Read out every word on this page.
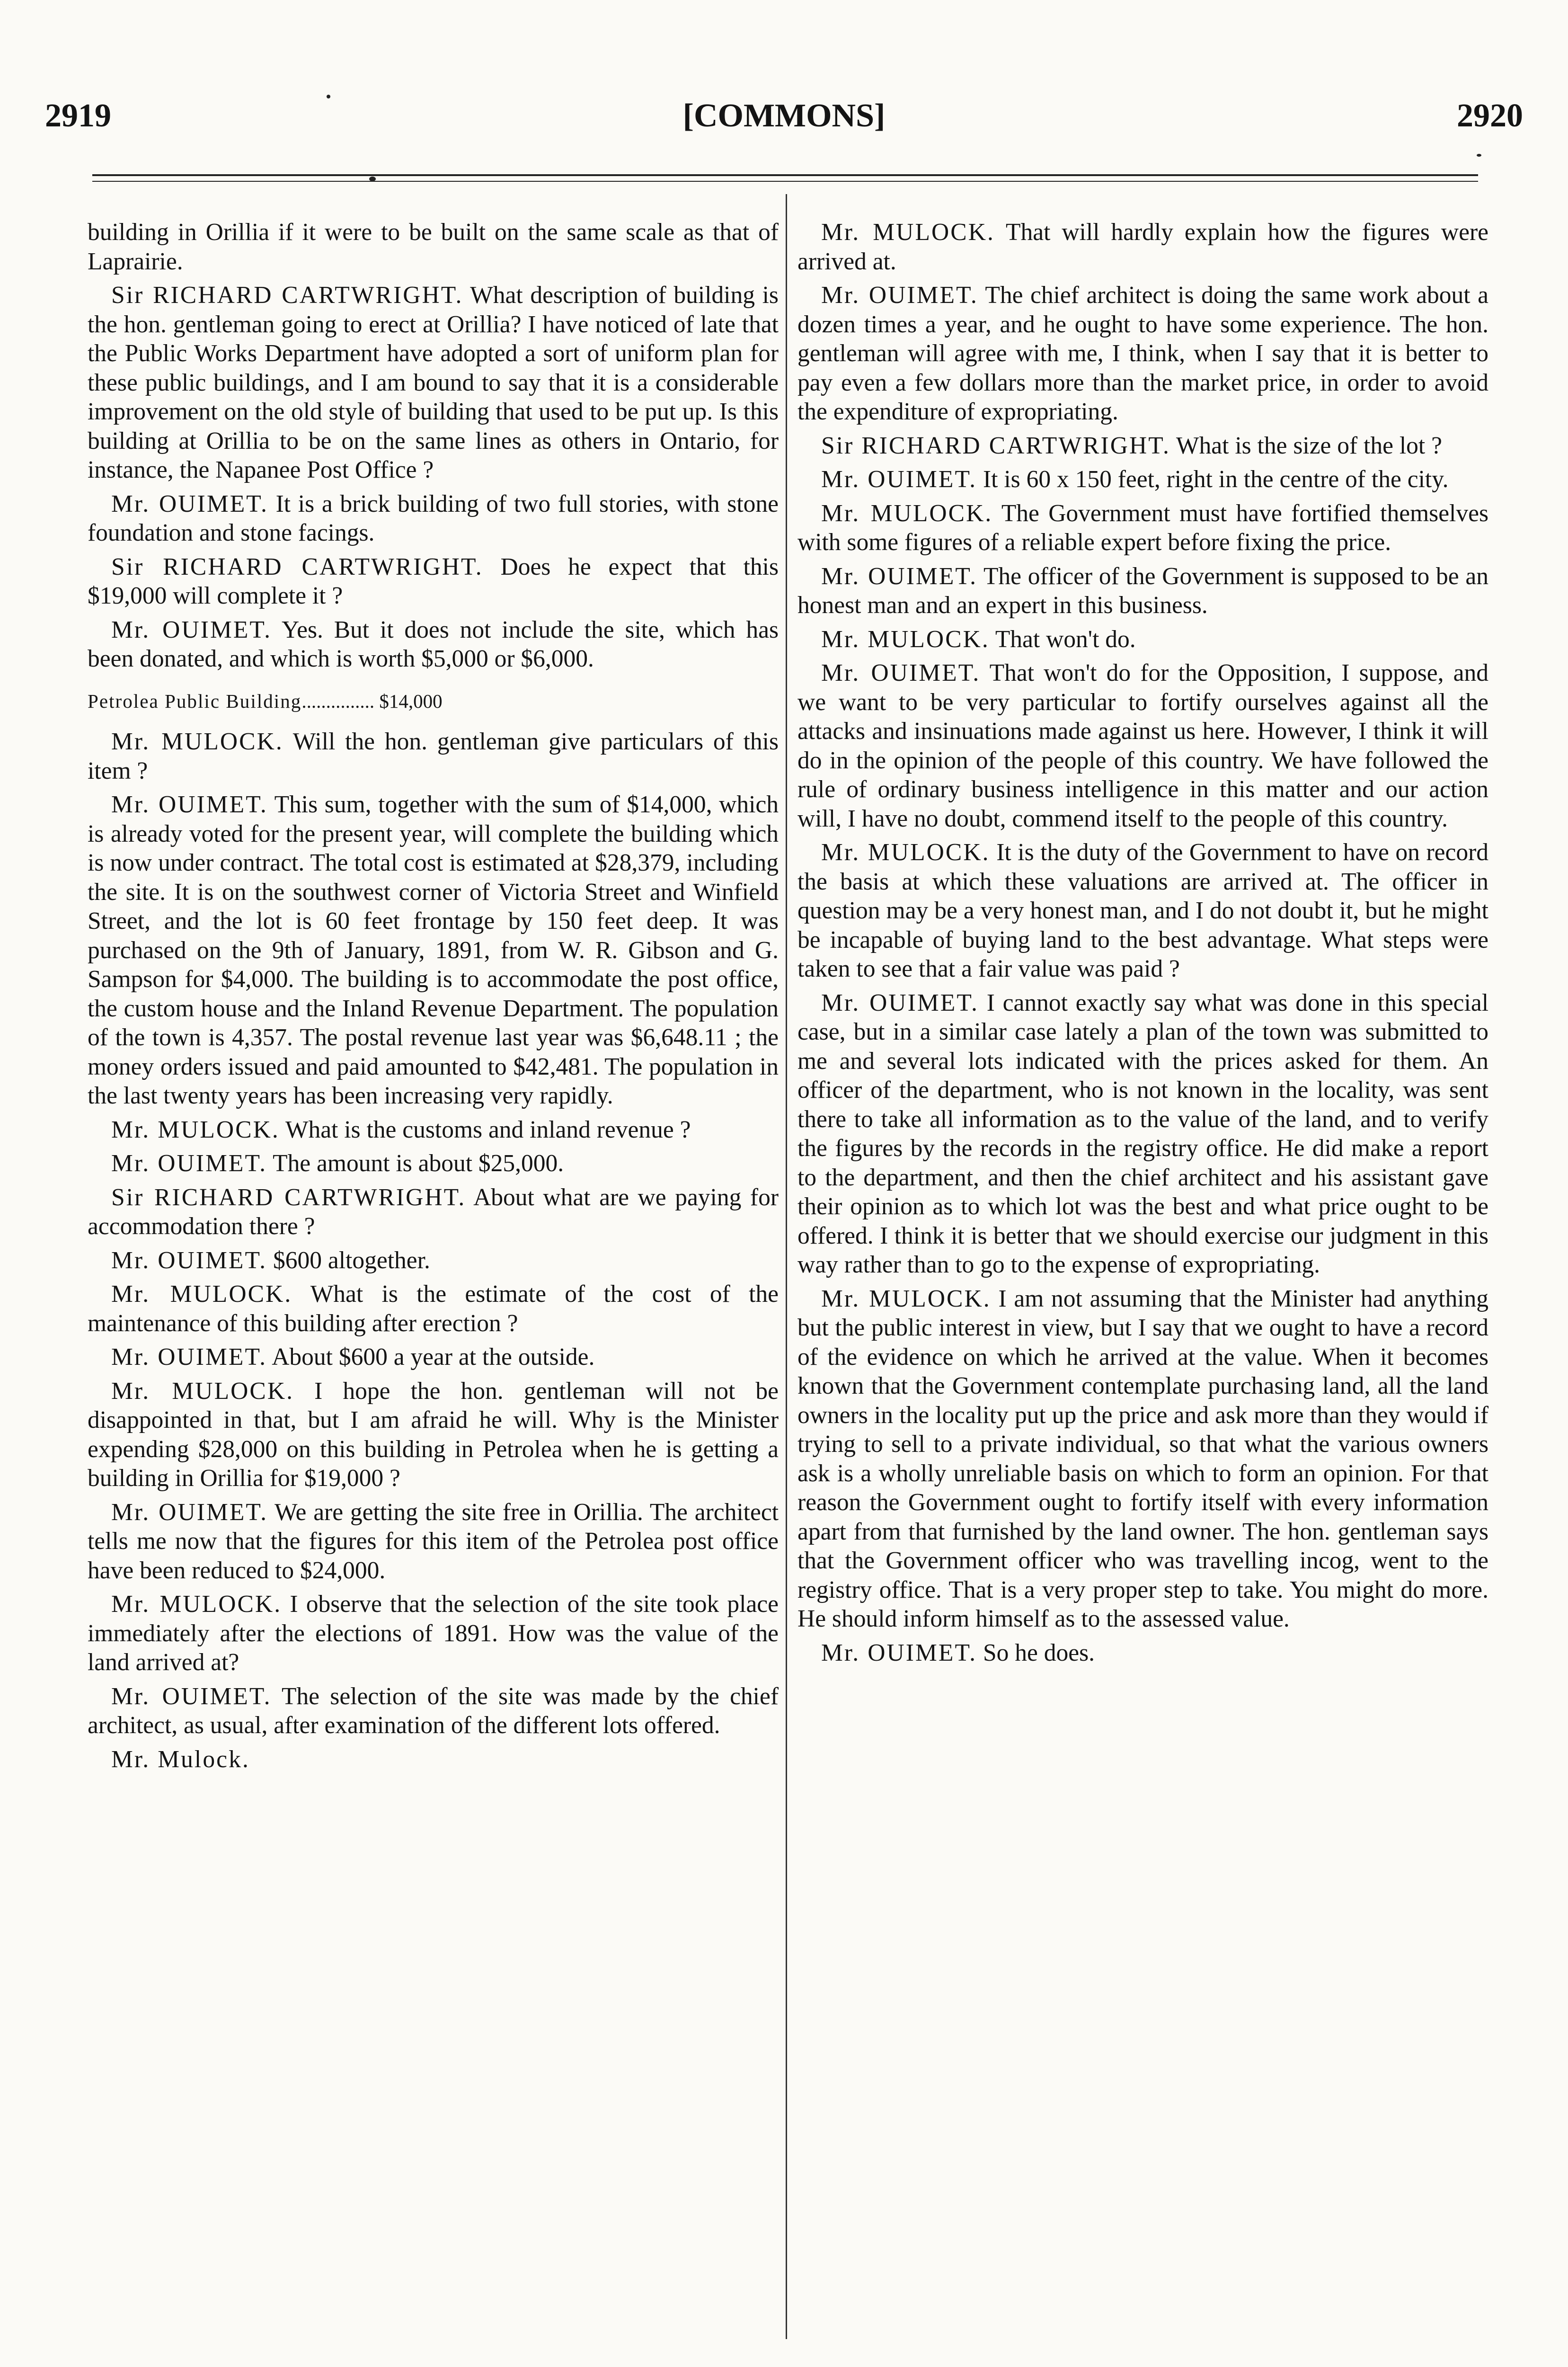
2919	[COMMONS]	2920

building in Orillia if it were to be built on the same scale as that of Laprairie.

Sir RICHARD CARTWRIGHT. What description of building is the hon. gentleman going to erect at Orillia? I have noticed of late that the Public Works Department have adopted a sort of uniform plan for these public buildings, and I am bound to say that it is a considerable improvement on the old style of building that used to be put up. Is this building at Orillia to be on the same lines as others in Ontario, for instance, the Napanee Post Office ?

Mr. OUIMET. It is a brick building of two full stories, with stone foundation and stone facings.

Sir RICHARD CARTWRIGHT. Does he expect that this $19,000 will complete it ?

Mr. OUIMET. Yes. But it does not include the site, which has been donated, and which is worth $5,000 or $6,000.

Petrolea Public Building............... $14,000

Mr. MULOCK. Will the hon. gentleman give particulars of this item ?

Mr. OUIMET. This sum, together with the sum of $14,000, which is already voted for the present year, will complete the building which is now under contract. The total cost is estimated at $28,379, including the site. It is on the southwest corner of Victoria Street and Winfield Street, and the lot is 60 feet frontage by 150 feet deep. It was purchased on the 9th of January, 1891, from W. R. Gibson and G. Sampson for $4,000. The building is to accommodate the post office, the custom house and the Inland Revenue Department. The population of the town is 4,357. The postal revenue last year was $6,648.11 ; the money orders issued and paid amounted to $42,481. The population in the last twenty years has been increasing very rapidly.

Mr. MULOCK. What is the customs and inland revenue ?

Mr. OUIMET. The amount is about $25,000.

Sir RICHARD CARTWRIGHT. About what are we paying for accommodation there ?

Mr. OUIMET. $600 altogether.

Mr. MULOCK. What is the estimate of the cost of the maintenance of this building after erection ?

Mr. OUIMET. About $600 a year at the outside.

Mr. MULOCK. I hope the hon. gentleman will not be disappointed in that, but I am afraid he will. Why is the Minister expending $28,000 on this building in Petrolea when he is getting a building in Orillia for $19,000 ?

Mr. OUIMET. We are getting the site free in Orillia. The architect tells me now that the figures for this item of the Petrolea post office have been reduced to $24,000.

Mr. MULOCK. I observe that the selection of the site took place immediately after the elections of 1891. How was the value of the land arrived at?

Mr. OUIMET. The selection of the site was made by the chief architect, as usual, after examination of the different lots offered.

Mr. Mulock.

Mr. MULOCK. That will hardly explain how the figures were arrived at.

Mr. OUIMET. The chief architect is doing the same work about a dozen times a year, and he ought to have some experience. The hon. gentleman will agree with me, I think, when I say that it is better to pay even a few dollars more than the market price, in order to avoid the expenditure of expropriating.

Sir RICHARD CARTWRIGHT. What is the size of the lot ?

Mr. OUIMET. It is 60 x 150 feet, right in the centre of the city.

Mr. MULOCK. The Government must have fortified themselves with some figures of a reliable expert before fixing the price.

Mr. OUIMET. The officer of the Government is supposed to be an honest man and an expert in this business.

Mr. MULOCK. That won't do.

Mr. OUIMET. That won't do for the Opposition, I suppose, and we want to be very particular to fortify ourselves against all the attacks and insinuations made against us here. However, I think it will do in the opinion of the people of this country. We have followed the rule of ordinary business intelligence in this matter and our action will, I have no doubt, commend itself to the people of this country.

Mr. MULOCK. It is the duty of the Government to have on record the basis at which these valuations are arrived at. The officer in question may be a very honest man, and I do not doubt it, but he might be incapable of buying land to the best advantage. What steps were taken to see that a fair value was paid ?

Mr. OUIMET. I cannot exactly say what was done in this special case, but in a similar case lately a plan of the town was submitted to me and several lots indicated with the prices asked for them. An officer of the department, who is not known in the locality, was sent there to take all information as to the value of the land, and to verify the figures by the records in the registry office. He did make a report to the department, and then the chief architect and his assistant gave their opinion as to which lot was the best and what price ought to be offered. I think it is better that we should exercise our judgment in this way rather than to go to the expense of expropriating.

Mr. MULOCK. I am not assuming that the Minister had anything but the public interest in view, but I say that we ought to have a record of the evidence on which he arrived at the value. When it becomes known that the Government contemplate purchasing land, all the land owners in the locality put up the price and ask more than they would if trying to sell to a private individual, so that what the various owners ask is a wholly unreliable basis on which to form an opinion. For that reason the Government ought to fortify itself with every information apart from that furnished by the land owner. The hon. gentleman says that the Government officer who was travelling incog, went to the registry office. That is a very proper step to take. You might do more. He should inform himself as to the assessed value.

Mr. OUIMET. So he does.
